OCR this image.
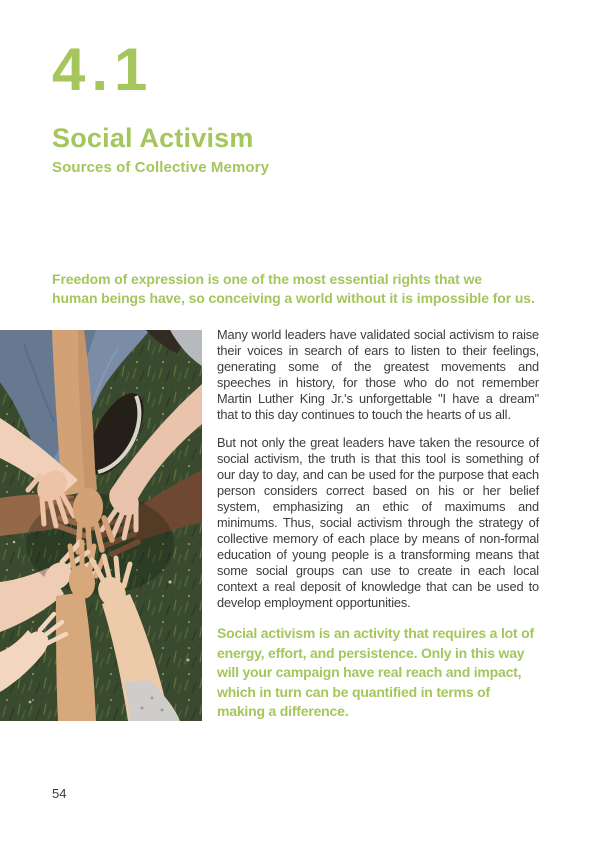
4.1
Social Activism
Sources of Collective Memory

Freedom of expression is one of the most essential rights that we
human beings have, so conceiving a world without it is impossible for us.

Many world leaders have validated social activism to raise their voices in search of ears to listen to their feelings, generating some of the greatest movements and speeches in history, for those who do not remember Martin Luther King Jr.'s unforgettable "I have a dream" that to this day continues to touch the hearts of us all.

But not only the great leaders have taken the resource of social activism, the truth is that this tool is something of our day to day, and can be used for the purpose that each person considers correct based on his or her belief system, emphasizing an ethic of maximums and minimums. Thus, social activism through the strategy of collective memory of each place by means of non-formal education of young people is a transforming means that some social groups can use to create in each local context a real deposit of knowledge that can be used to develop employment opportunities.

Social activism is an activity that requires a lot of energy, effort, and persistence. Only in this way will your campaign have real reach and impact, which in turn can be quantified in terms of making a difference.

54
